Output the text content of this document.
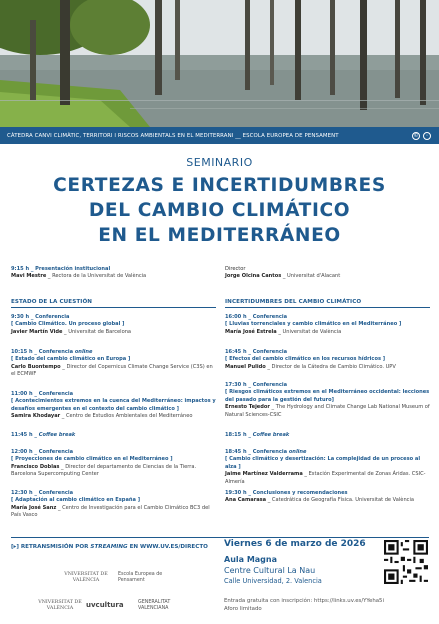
CÀTEDRA CANVI CLIMÀTIC, TERRITORI I RISCOS AMBIENTALS EN EL MEDITERRANI __ ESCOLA EUROPEA DE PENSAMENT	©	◦
SEMINARIO
CERTEZAS E INCERTIDUMBRES
DEL CAMBIO CLIMÁTICO
EN EL MEDITERRÁNEO
9:15 h _ Presentación institucional
Mavi Mestre _ Rectora de la Universitat de València
ESTADO DE LA CUESTIÓN
9:30 h _ Conferencia
[ Cambio Climático. Un proceso global ]
Javier Martín Vide _ Universitat de Barcelona
10:15 h _ Conferencia online
[ Estado del cambio climático en Europa ]
Carlo Buontempo _ Director del Copernicus Climate Change Service (C3S) en el ECMWF
11:00 h _ Conferencia
[ Acontecimientos extremos en la cuenca del Mediterráneo: impactos y desafíos emergentes en el contexto del cambio climático ]
Samira Khodayar _ Centro de Estudios Ambientales del Mediterráneo
11:45 h _ Coffee break
12:00 h _ Conferencia
[ Proyecciones de cambio climático en el Mediterráneo ]
Francisco Doblas _ Director del departamento de Ciencias de la Tierra. Barcelona Supercomputing Center
12:30 h _ Conferencia
[ Adaptación al cambio climático en España ]
María José Sanz _ Centro de Investigación para el Cambio Climático BC3 del País Vasco
Director
Jorge Olcina Cantos _ Universitat d'Alacant
INCERTIDUMBRES DEL CAMBIO CLIMÁTICO
16:00 h _ Conferencia
[ Lluvias torrenciales y cambio climático en el Mediterráneo ]
María José Estrela _ Universitat de València
16:45 h _ Conferencia
[ Efectos del cambio climático en los recursos hídricos ]
Manuel Pulido _ Director de la Cátedra de Cambio Climático. UPV
17:30 h _ Conferencia
[ Riesgos climáticos extremos en el Mediterráneo occidental: lecciones del pasado para la gestión del futuro]
Ernesto Tejedor _ The Hydrology and Climate Change Lab National Museum of Natural Sciences-CSIC
18:15 h _ Coffee break
18:45 h _ Conferencia online
[ Cambio climático y desertización: La complejidad de un proceso al alza ]
Jaime Martínez Valderrama _ Estación Experimental de Zonas Áridas. CSIC-Almería
19:30 h _ Conclusiones y recomendaciones
Ana Camarasa _ Catedrática de Geografía Física. Universitat de València
[▸] RETRANSMISIÓN POR STREAMING EN WWW.UV.ES/DIRECTO
VNIVERSITAT DE VALÈNCIA
Escola Europea de Pensament
VNIVERSITAT DE VALÈNCIA	uvcultura	GENERALITAT VALENCIANA
Viernes 6 de marzo de 2026
Aula Magna
Centre Cultural La Nau
Calle Universidad, 2. Valencia
Entrada gratuita con inscripción: https://links.uv.es/YYeha5i
Aforo limitado
